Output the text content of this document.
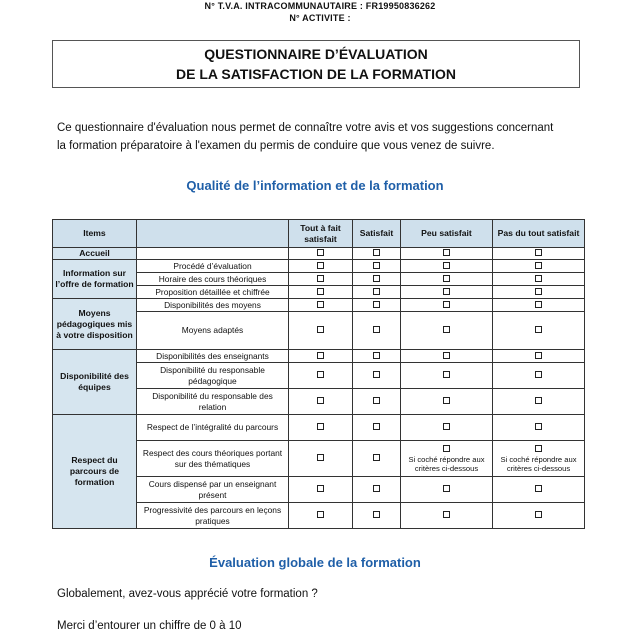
N° T.V.A. INTRACOMMUNAUTAIRE : FR19950836262
N° ACTIVITE :
QUESTIONNAIRE D’ÉVALUATION
DE LA SATISFACTION DE LA FORMATION
Ce questionnaire d'évaluation nous permet de connaître votre avis et vos suggestions concernant
la formation préparatoire à l'examen du permis de conduire que vous venez de suivre.
Qualité de l’information et de la formation
Items		Tout à fait satisfait	Satisfait	Peu satisfait	Pas du tout satisfait
Accueil					
Information sur l’offre de formation	Procédé d’évaluation				
	Horaire des cours théoriques				
	Proposition détaillée et chiffrée				
Moyens pédagogiques mis à votre disposition	Disponibilités des moyens				
	Moyens adaptés				
Disponibilité des équipes	Disponibilités des enseignants				
	Disponibilité du responsable pédagogique				
	Disponibilité du responsable des relation				
Respect du parcours de formation	Respect de l’intégralité du parcours				
	Respect des cours théoriques portant sur des thématiques			Si coché répondre aux critères ci-dessous	Si coché répondre aux critères ci-dessous

	Cours dispensé par un enseignant présent				
	Progressivité des parcours en leçons pratiques				
Évaluation globale de la formation
Globalement, avez-vous apprécié votre formation ?
Merci d’entourer un chiffre de 0 à 10
